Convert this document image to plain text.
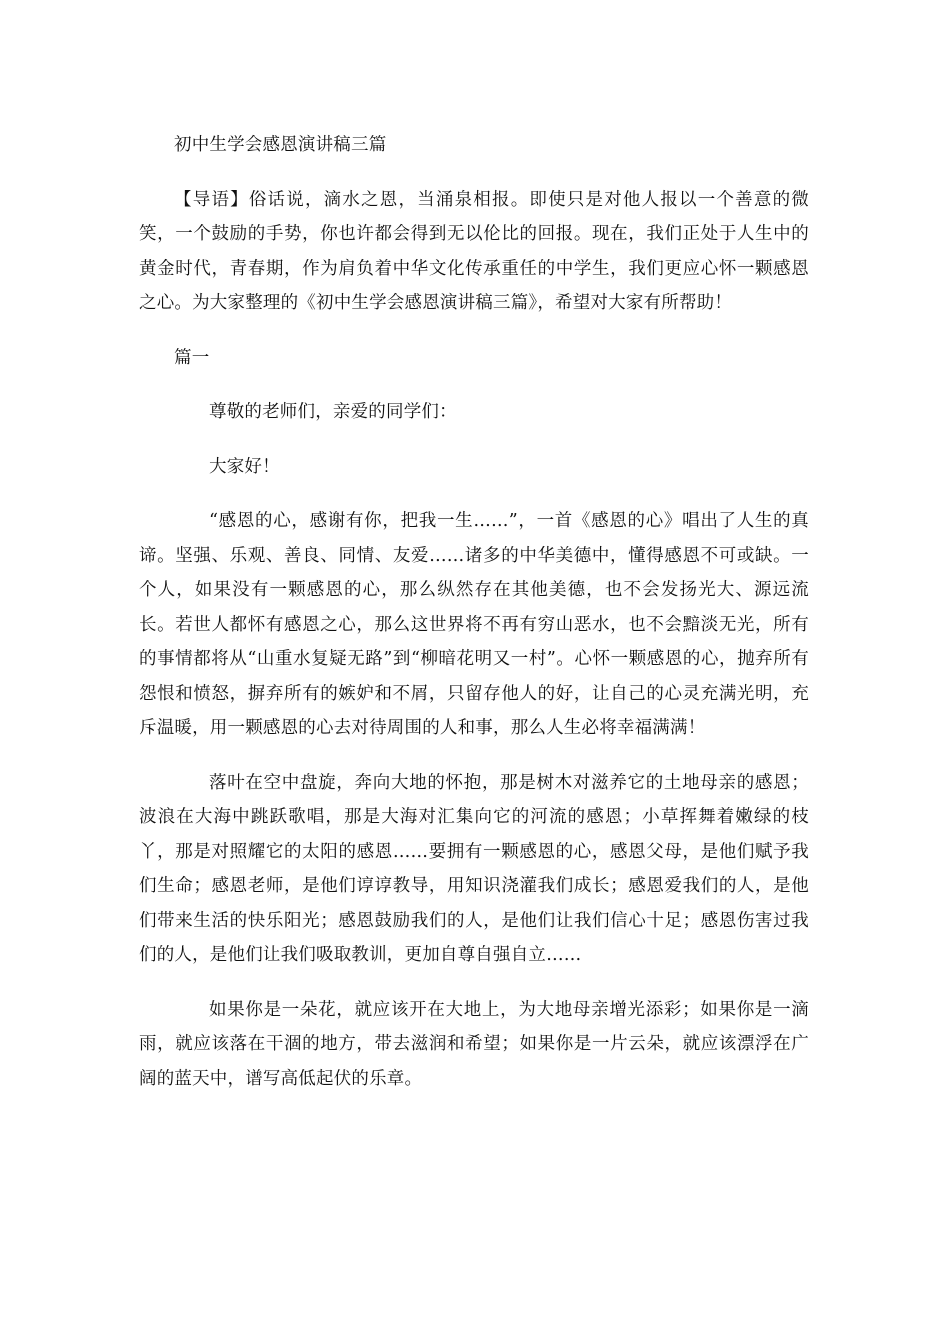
初中生学会感恩演讲稿三篇

【导语】俗话说，滴水之恩，当涌泉相报。即使只是对他人报以一个善意的微笑，一个鼓励的手势，你也许都会得到无以伦比的回报。现在，我们正处于人生中的黄金时代，青春期，作为肩负着中华文化传承重任的中学生，我们更应心怀一颗感恩之心。为大家整理的《初中生学会感恩演讲稿三篇》，希望对大家有所帮助！

篇一

尊敬的老师们，亲爱的同学们：

大家好！

“感恩的心，感谢有你，把我一生……”，一首《感恩的心》唱出了人生的真谛。坚强、乐观、善良、同情、友爱……诸多的中华美德中，懂得感恩不可或缺。一个人，如果没有一颗感恩的心，那么纵然存在其他美德，也不会发扬光大、源远流长。若世人都怀有感恩之心，那么这世界将不再有穷山恶水，也不会黯淡无光，所有的事情都将从“山重水复疑无路”到“柳暗花明又一村”。心怀一颗感恩的心，抛弃所有怨恨和愤怒，摒弃所有的嫉妒和不屑，只留存他人的好，让自己的心灵充满光明，充斥温暖，用一颗感恩的心去对待周围的人和事，那么人生必将幸福满满！

落叶在空中盘旋，奔向大地的怀抱，那是树木对滋养它的土地母亲的感恩；波浪在大海中跳跃歌唱，那是大海对汇集向它的河流的感恩；小草挥舞着嫩绿的枝丫，那是对照耀它的太阳的感恩……要拥有一颗感恩的心，感恩父母，是他们赋予我们生命；感恩老师，是他们谆谆教导，用知识浇灌我们成长；感恩爱我们的人，是他们带来生活的快乐阳光；感恩鼓励我们的人，是他们让我们信心十足；感恩伤害过我们的人，是他们让我们吸取教训，更加自尊自强自立……

如果你是一朵花，就应该开在大地上，为大地母亲增光添彩；如果你是一滴雨，就应该落在干涸的地方，带去滋润和希望；如果你是一片云朵，就应该漂浮在广阔的蓝天中，谱写高低起伏的乐章。
